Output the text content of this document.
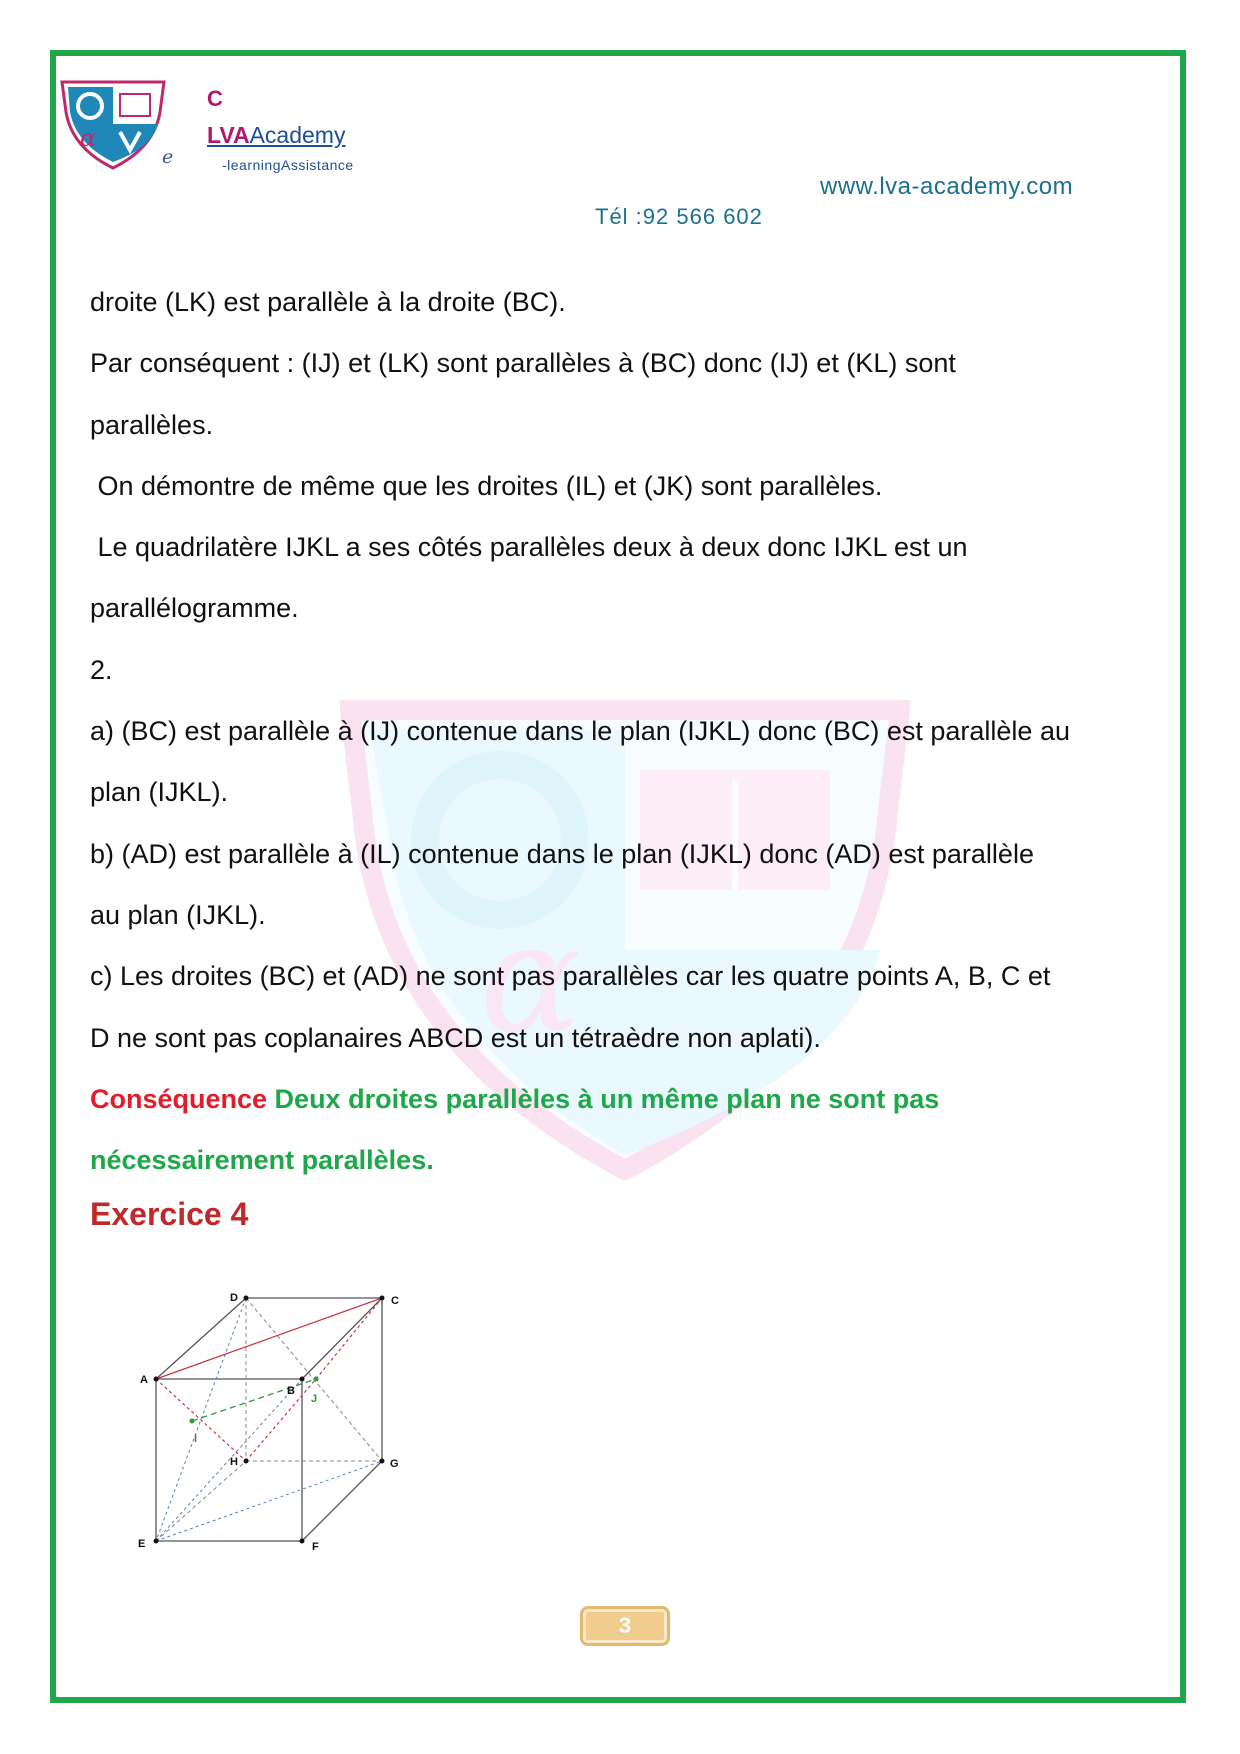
α
α
e
C
LVAAcademy
-learningAssistance
www.lva-academy.com
Tél :92 566 602
droite (LK) est parallèle à la droite (BC).
Par conséquent : (IJ) et (LK) sont parallèles à (BC) donc (IJ) et (KL) sont
parallèles.
On démontre de même que les droites (IL) et (JK) sont parallèles.
Le quadrilatère IJKL a ses côtés parallèles deux à deux donc IJKL est un
parallélogramme.
2.
a) (BC) est parallèle à (IJ) contenue dans le plan (IJKL) donc (BC) est parallèle au
plan (IJKL).
b) (AD) est parallèle à (IL) contenue dans le plan (IJKL) donc (AD) est parallèle
au plan (IJKL).
c) Les droites (BC) et (AD) ne sont pas parallèles car les quatre points A, B, C et
D ne sont pas coplanaires ABCD est un tétraèdre non aplati).
Conséquence Deux droites parallèles à un même plan ne sont pas
nécessairement parallèles.
Exercice 4
A
B
C
D
E	F
G
H
I
J
3
